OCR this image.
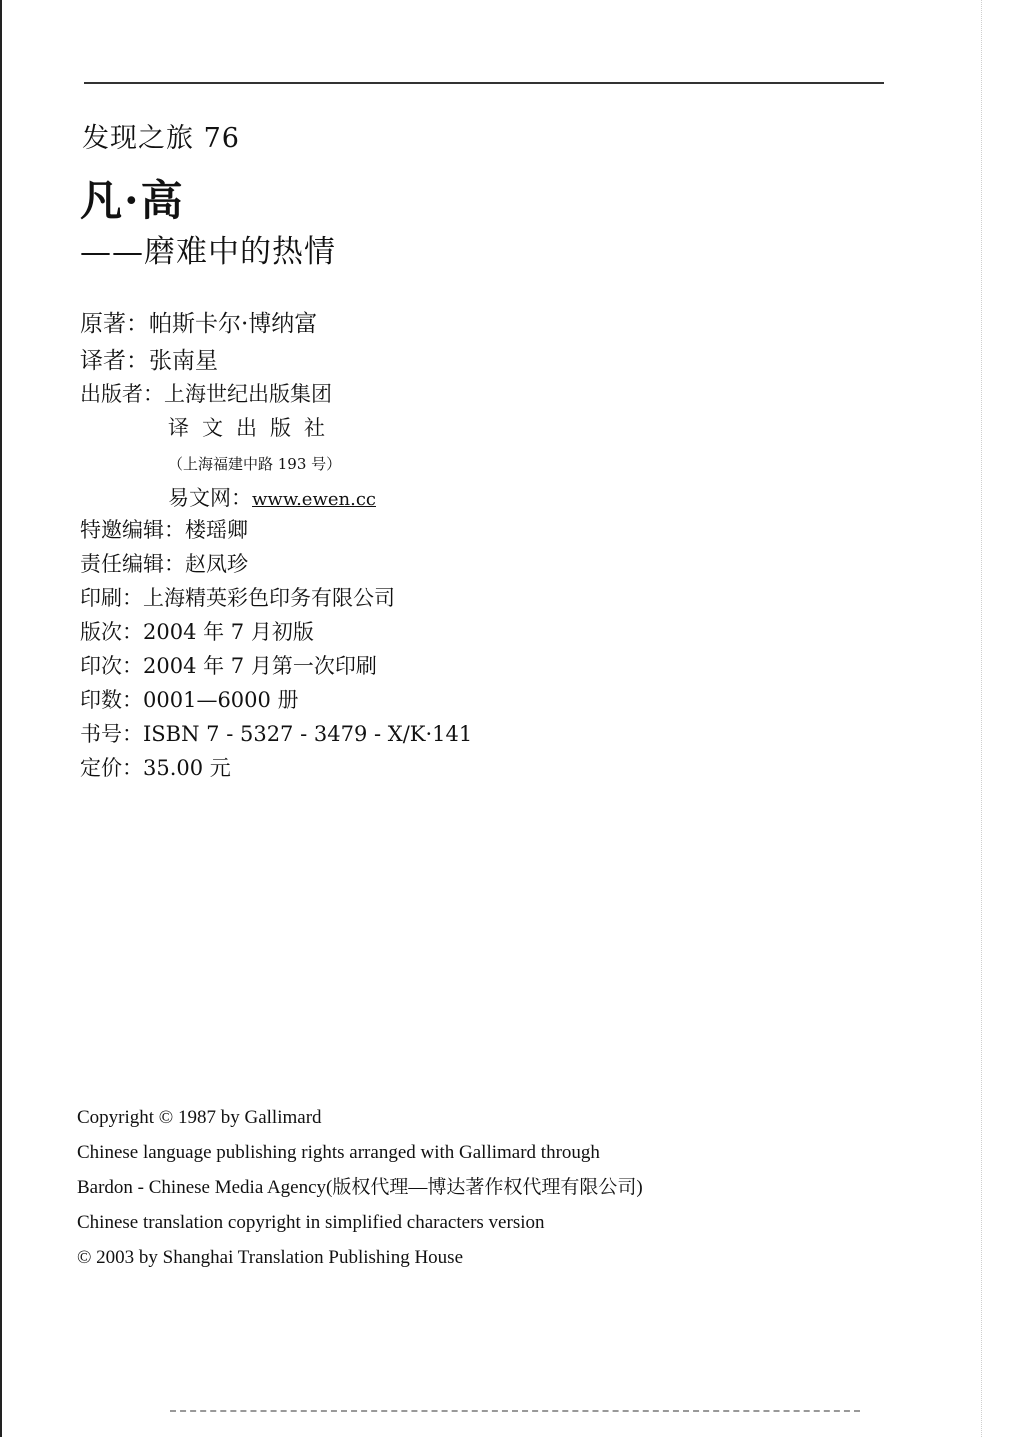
发现之旅 76
凡·高
——磨难中的热情
原著：帕斯卡尔·博纳富
译者：张南星
出版者：上海世纪出版集团
译文出版社
（上海福建中路 193 号）
易文网：www.ewen.cc
特邀编辑：楼瑶卿
责任编辑：赵凤珍
印刷：上海精英彩色印务有限公司
版次：2004 年 7 月初版
印次：2004 年 7 月第一次印刷
印数：0001—6000 册
书号：ISBN 7 - 5327 - 3479 - X/K·141
定价：35.00 元
Copyright © 1987 by Gallimard
Chinese language publishing rights arranged with Gallimard through
Bardon - Chinese Media Agency(版权代理—博达著作权代理有限公司)
Chinese translation copyright in simplified characters version
© 2003 by Shanghai Translation Publishing House
